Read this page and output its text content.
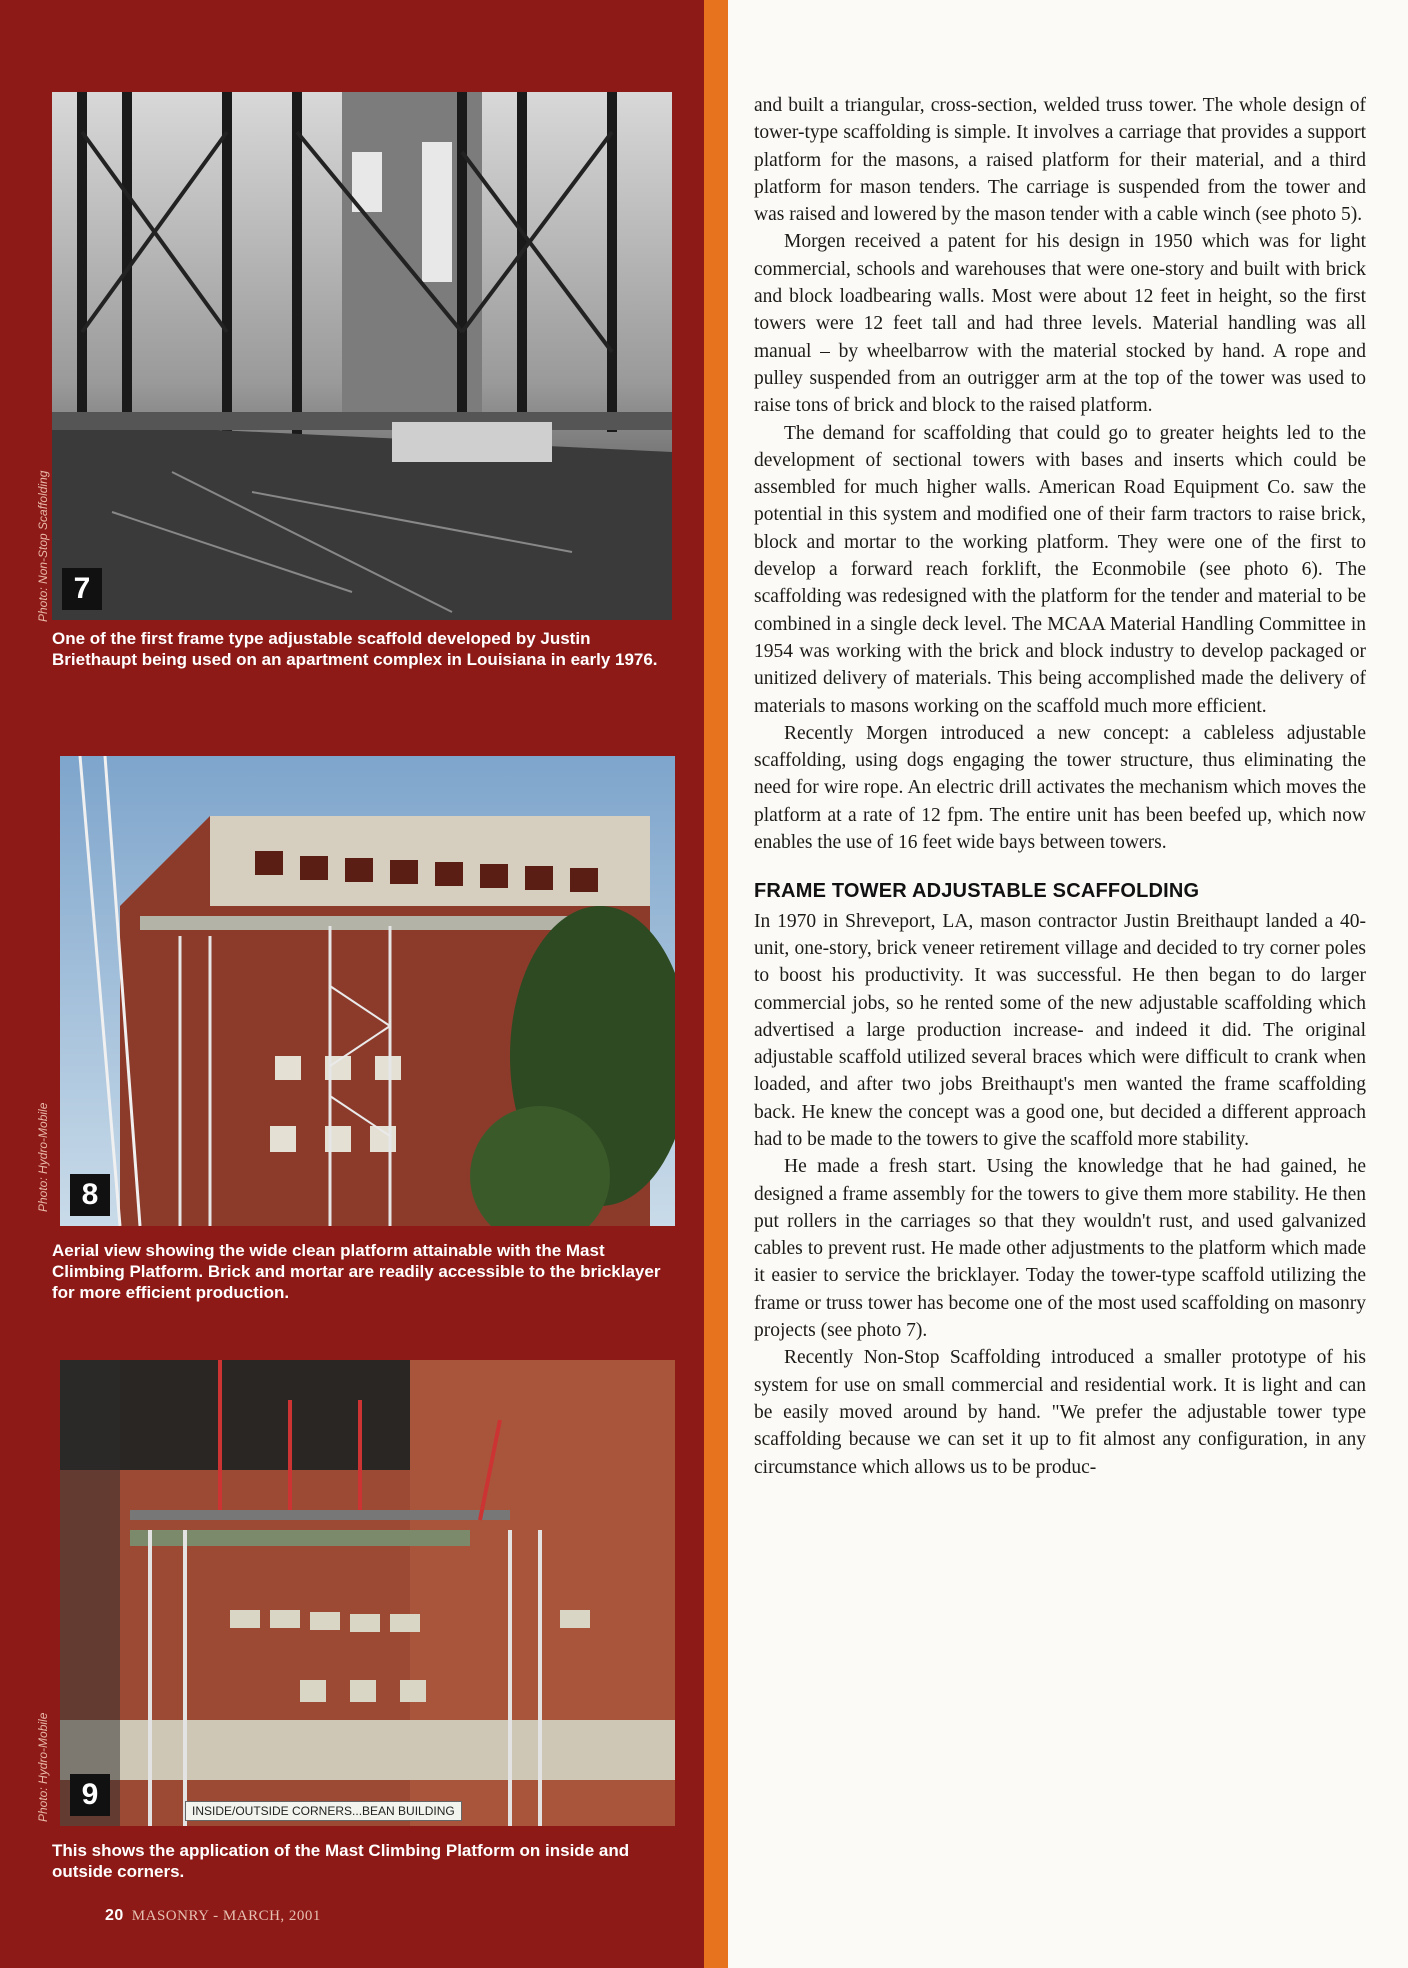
7
One of the first frame type adjustable scaffold developed by Justin Briethaupt being used on an apartment complex in Louisiana in early 1976.
8
Aerial view showing the wide clean platform attainable with the Mast Climbing Platform. Brick and mortar are readily accessible to the bricklayer for more efficient production.
9	INSIDE/OUTSIDE CORNERS...BEAN BUILDING
This shows the application of the Mast Climbing Platform on inside and outside corners.
20 MASONRY - MARCH, 2001

and built a triangular, cross-section, welded truss tower. The whole design of tower-type scaffolding is simple. It involves a carriage that provides a support platform for the masons, a raised platform for their material, and a third platform for mason tenders. The carriage is suspended from the tower and was raised and lowered by the mason tender with a cable winch (see photo 5).

Morgen received a patent for his design in 1950 which was for light commercial, schools and warehouses that were one-story and built with brick and block loadbearing walls. Most were about 12 feet in height, so the first towers were 12 feet tall and had three levels. Material handling was all manual – by wheelbarrow with the material stocked by hand. A rope and pulley suspended from an outrigger arm at the top of the tower was used to raise tons of brick and block to the raised platform.

The demand for scaffolding that could go to greater heights led to the development of sectional towers with bases and inserts which could be assembled for much higher walls. American Road Equipment Co. saw the potential in this system and modified one of their farm tractors to raise brick, block and mortar to the working platform. They were one of the first to develop a forward reach forklift, the Econmobile (see photo 6). The scaffolding was redesigned with the platform for the tender and material to be combined in a single deck level. The MCAA Material Handling Committee in 1954 was working with the brick and block industry to develop packaged or unitized delivery of materials. This being accomplished made the delivery of materials to masons working on the scaffold much more efficient.

Recently Morgen introduced a new concept: a cableless adjustable scaffolding, using dogs engaging the tower structure, thus eliminating the need for wire rope. An electric drill activates the mechanism which moves the platform at a rate of 12 fpm. The entire unit has been beefed up, which now enables the use of 16 feet wide bays between towers.

FRAME TOWER ADJUSTABLE SCAFFOLDING

In 1970 in Shreveport, LA, mason contractor Justin Breithaupt landed a 40-unit, one-story, brick veneer retirement village and decided to try corner poles to boost his productivity. It was successful. He then began to do larger commercial jobs, so he rented some of the new adjustable scaffolding which advertised a large production increase- and indeed it did. The original adjustable scaffold utilized several braces which were difficult to crank when loaded, and after two jobs Breithaupt's men wanted the frame scaffolding back. He knew the concept was a good one, but decided a different approach had to be made to the towers to give the scaffold more stability.

He made a fresh start. Using the knowledge that he had gained, he designed a frame assembly for the towers to give them more stability. He then put rollers in the carriages so that they wouldn't rust, and used galvanized cables to prevent rust. He made other adjustments to the platform which made it easier to service the bricklayer. Today the tower-type scaffold utilizing the frame or truss tower has become one of the most used scaffolding on masonry projects (see photo 7).

Recently Non-Stop Scaffolding introduced a smaller prototype of his system for use on small commercial and residential work. It is light and can be easily moved around by hand. "We prefer the adjustable tower type scaffolding because we can set it up to fit almost any configuration, in any circumstance which allows us to be produc-
